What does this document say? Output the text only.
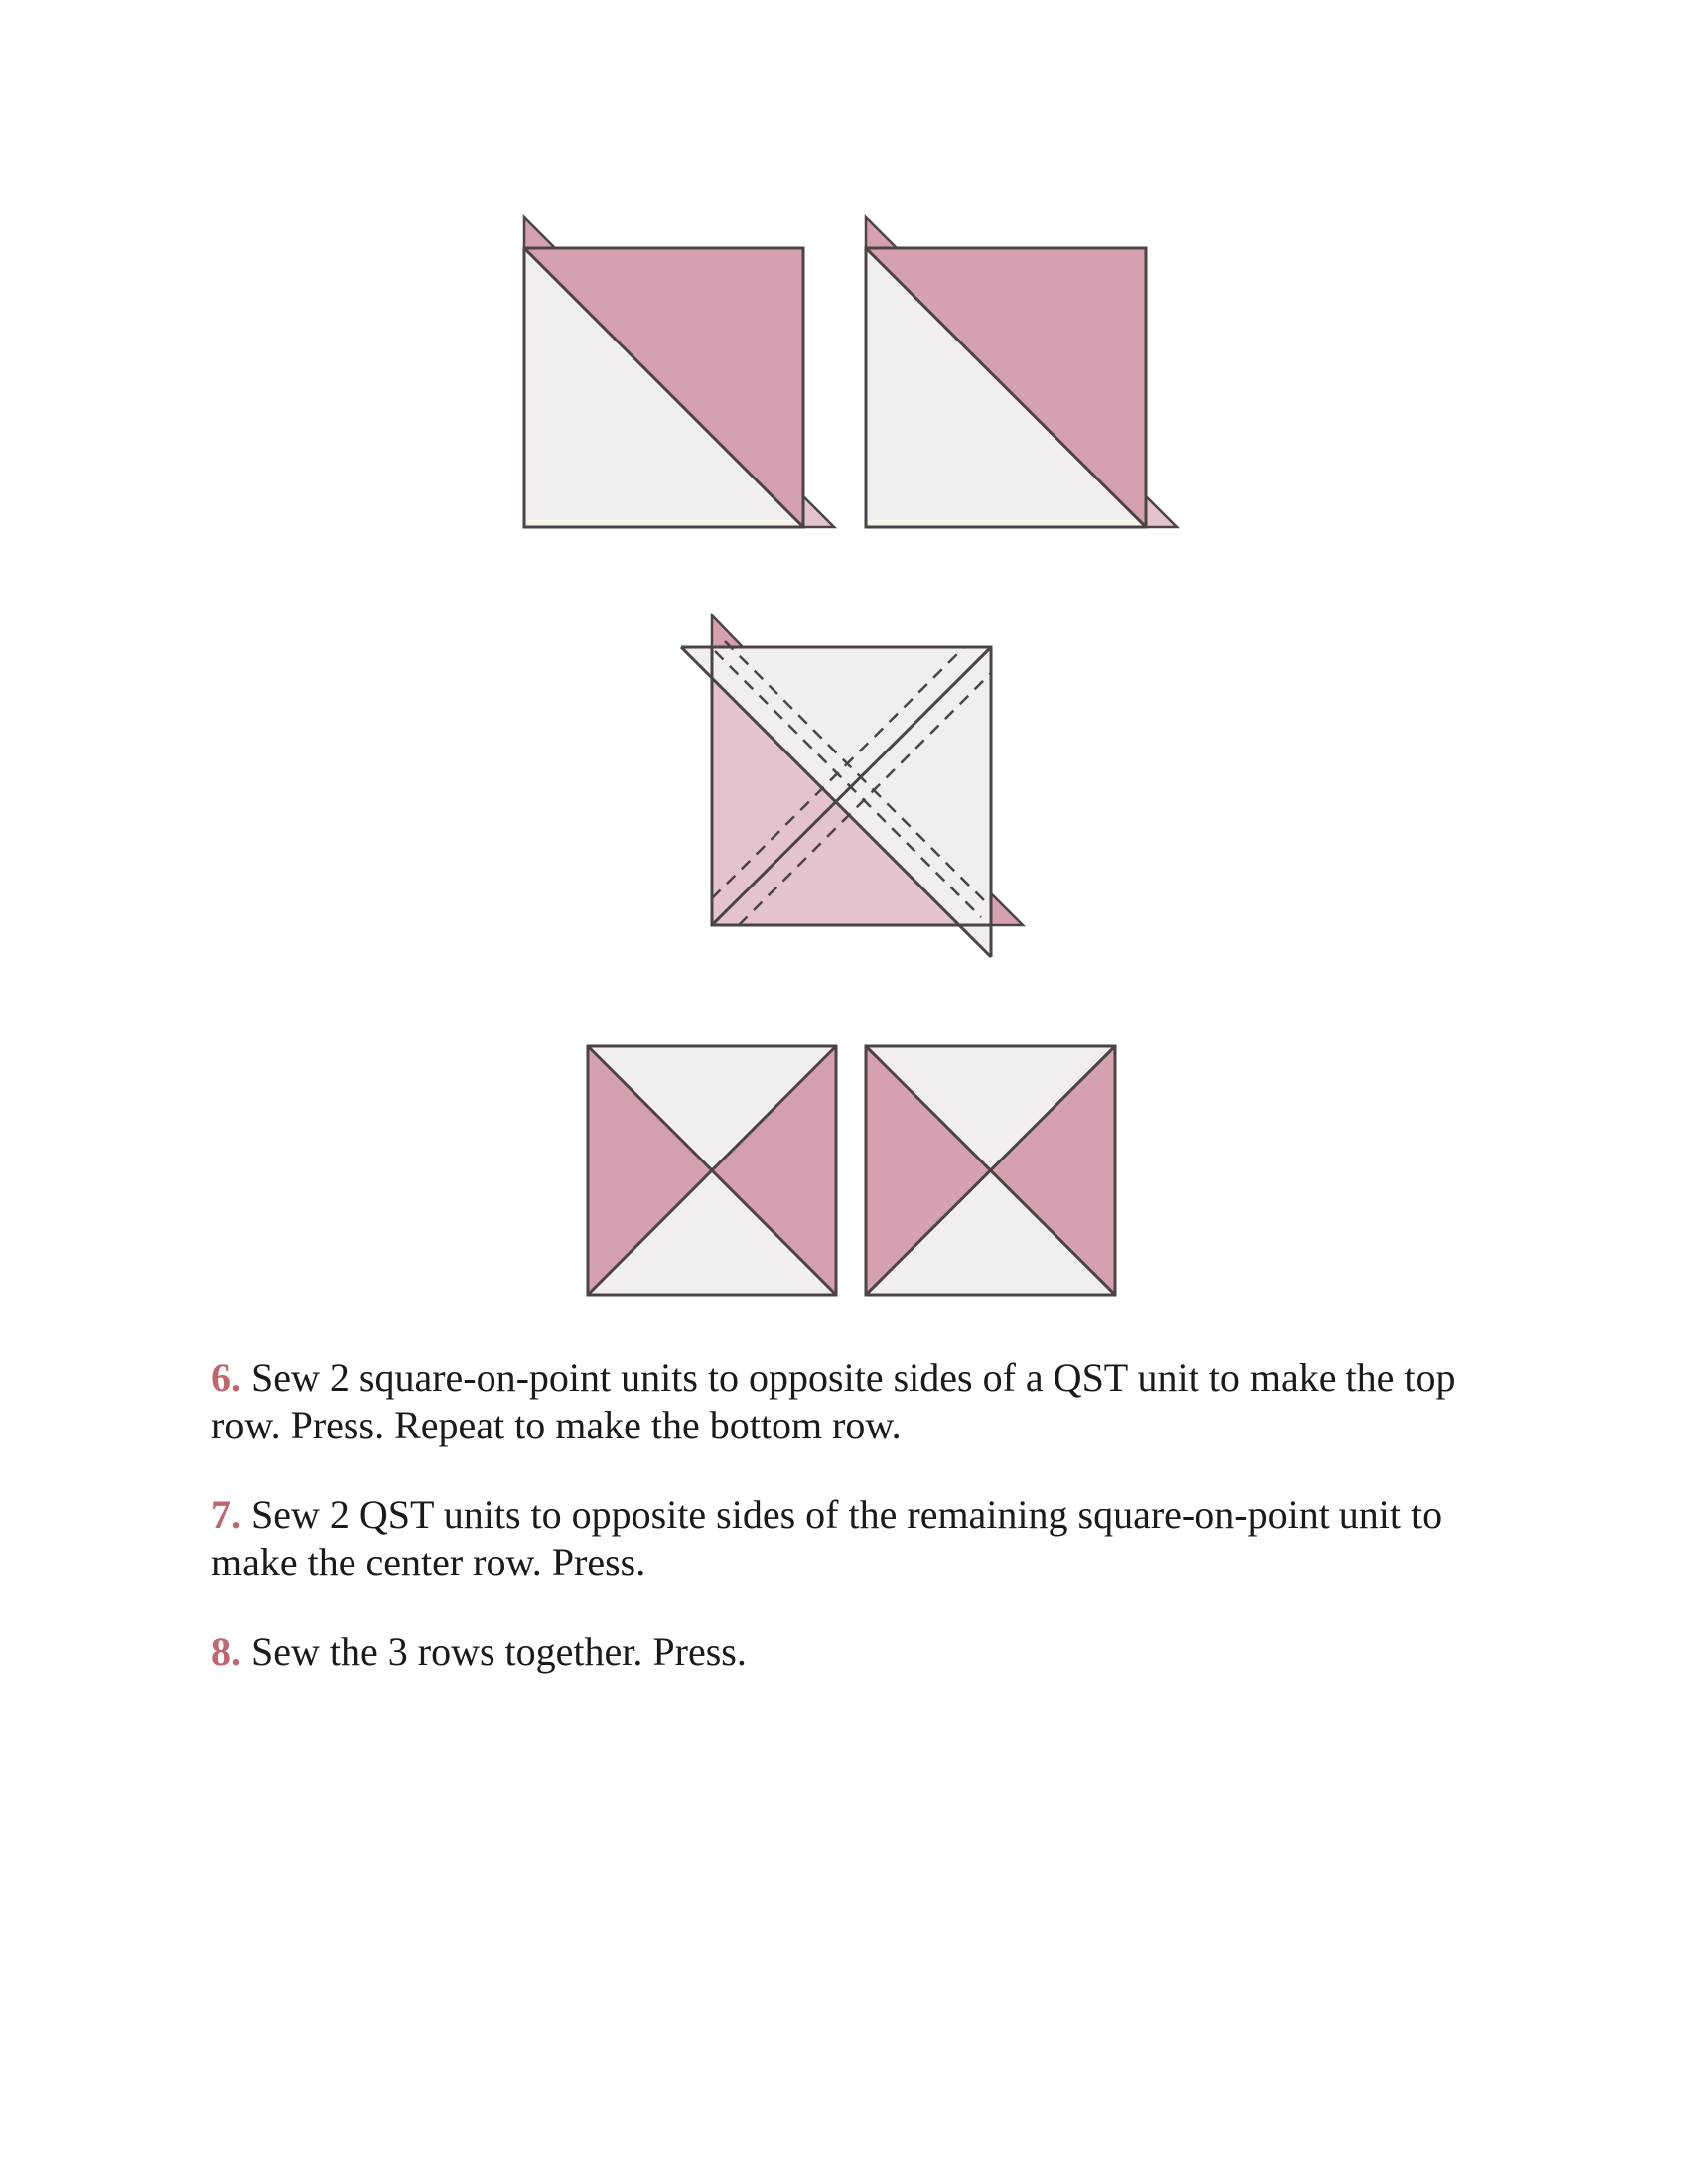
6. Sew 2 square-on-point units to opposite sides of a QST unit to make the top row. Press. Repeat to make the bottom row.

7. Sew 2 QST units to opposite sides of the remaining square-on-point unit to make the center row. Press.

8. Sew the 3 rows together. Press.
